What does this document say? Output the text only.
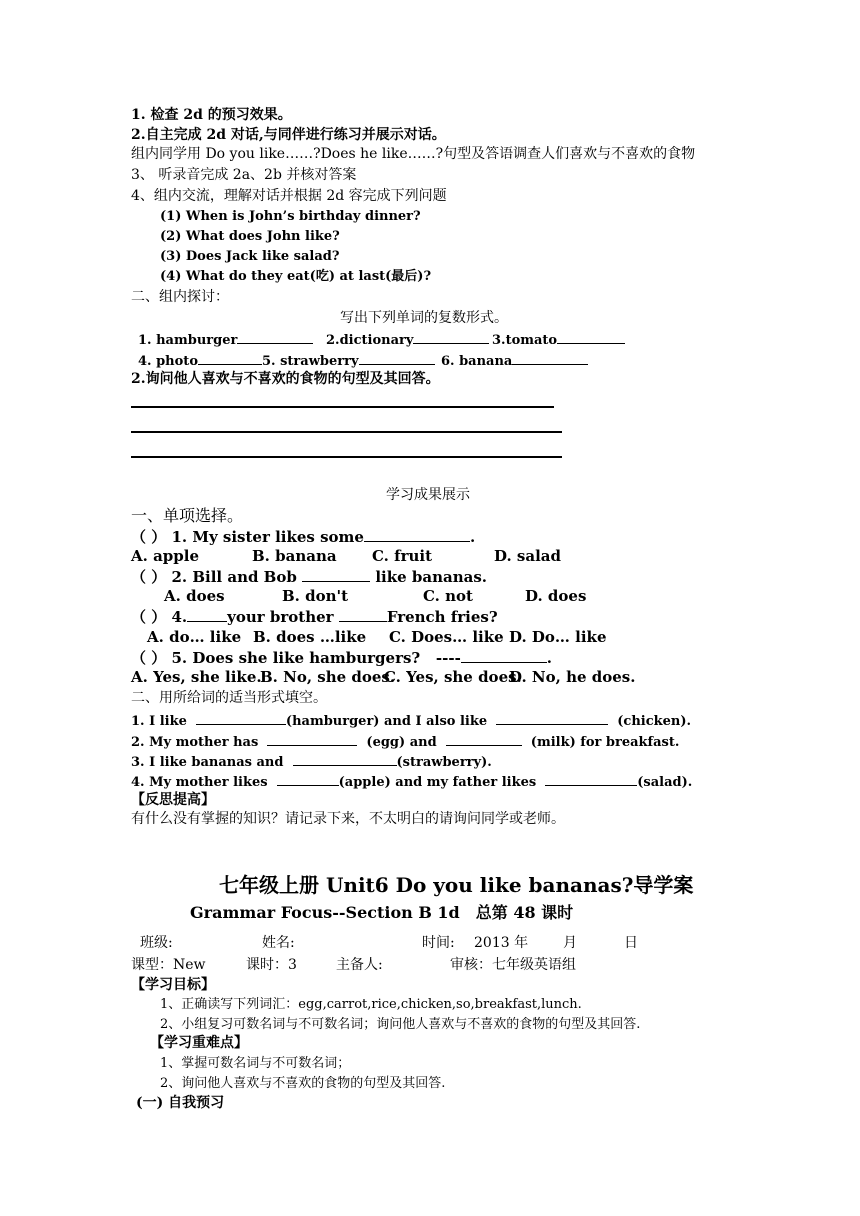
1. 检查 2d 的预习效果。
2.自主完成 2d 对话,与同伴进行练习并展示对话。
组内同学用 Do you like……?Does he like……?句型及答语调查人们喜欢与不喜欢的食物
3、 听录音完成 2a、2b 并核对答案
4、组内交流，理解对话并根据 2d 容完成下列问题
(1) When is John’s birthday dinner?
(2) What does John like?
(3) Does Jack like salad?
(4) What do they eat(吃) at last(最后)?
二、组内探讨：
写出下列单词的复数形式。
1. hamburger	2.dictionary	3.tomato
4. photo	5. strawberry	6. banana
2.询问他人喜欢与不喜欢的食物的句型及其回答。
学习成果展示
一、单项选择。
（ ） 1. My sister likes some	.
A. apple	B. banana C. fruit	D. salad
（ ） 2. Bill and Bob	like bananas.
A. does	B. don't	C. not	D. does
（ ） 4.	your brother	French fries?
A. do… like B. does …like C. Does… like D. Do… like
（ ） 5. Does she like hamburgers? ----	.
A. Yes, she like.
B. No, she does.
C. Yes, she does.
D. No, he does.
二、用所给词的适当形式填空。
1. I like	(hamburger) and I also like	(chicken).
2. My mother has	(egg) and	(milk) for breakfast.
3. I like bananas and	(strawberry).
4. My mother likes	(apple) and my father likes	(salad).
【反思提高】
有什么没有掌握的知识？请记录下来，不太明白的请询问同学或老师。
七年级上册 Unit6 Do you like bananas?导学案
Grammar Focus--Section B 1d　总第 48 课时
班级:	姓名:	时间: 2013 年 月	日
课型：New	课时：3	主备人:	审核：七年级英语组
【学习目标】
1、正确读写下列词汇：egg,carrot,rice,chicken,so,breakfast,lunch.
2、小组复习可数名词与不可数名词；询问他人喜欢与不喜欢的食物的句型及其回答.
【学习重难点】
1、掌握可数名词与不可数名词；
2、询问他人喜欢与不喜欢的食物的句型及其回答.
(一) 自我预习
